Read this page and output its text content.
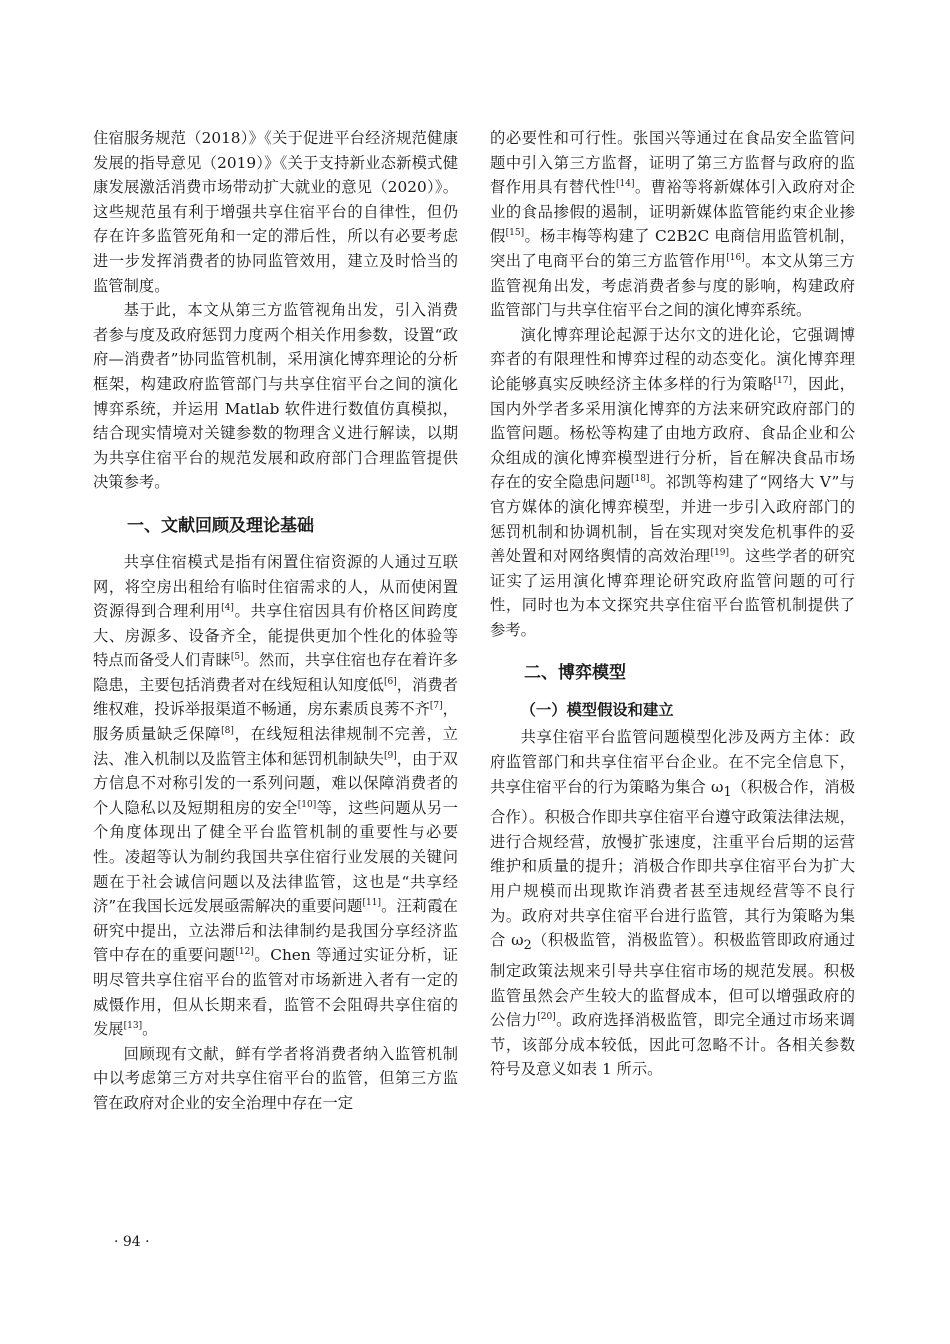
住宿服务规范（2018）》《关于促进平台经济规范健康发展的指导意见（2019）》《关于支持新业态新模式健康发展激活消费市场带动扩大就业的意见（2020）》。这些规范虽有利于增强共享住宿平台的自律性，但仍存在许多监管死角和一定的滞后性，所以有必要考虑进一步发挥消费者的协同监管效用，建立及时恰当的监管制度。

基于此，本文从第三方监管视角出发，引入消费者参与度及政府惩罚力度两个相关作用参数，设置“政府—消费者”协同监管机制，采用演化博弈理论的分析框架，构建政府监管部门与共享住宿平台之间的演化博弈系统，并运用 Matlab 软件进行数值仿真模拟，结合现实情境对关键参数的物理含义进行解读，以期为共享住宿平台的规范发展和政府部门合理监管提供决策参考。

一、文献回顾及理论基础

共享住宿模式是指有闲置住宿资源的人通过互联网，将空房出租给有临时住宿需求的人，从而使闲置资源得到合理利用[4]。共享住宿因具有价格区间跨度大、房源多、设备齐全，能提供更加个性化的体验等特点而备受人们青睐[5]。然而，共享住宿也存在着许多隐患，主要包括消费者对在线短租认知度低[6]，消费者维权难，投诉举报渠道不畅通，房东素质良莠不齐[7]，服务质量缺乏保障[8]，在线短租法律规制不完善，立法、准入机制以及监管主体和惩罚机制缺失[9]，由于双方信息不对称引发的一系列问题，难以保障消费者的个人隐私以及短期租房的安全[10]等，这些问题从另一个角度体现出了健全平台监管机制的重要性与必要性。凌超等认为制约我国共享住宿行业发展的关键问题在于社会诚信问题以及法律监管，这也是“共享经济”在我国长远发展亟需解决的重要问题[11]。汪莉霞在研究中提出，立法滞后和法律制约是我国分享经济监管中存在的重要问题[12]。Chen 等通过实证分析，证明尽管共享住宿平台的监管对市场新进入者有一定的威慑作用，但从长期来看，监管不会阻碍共享住宿的发展[13]。

回顾现有文献，鲜有学者将消费者纳入监管机制中以考虑第三方对共享住宿平台的监管，但第三方监管在政府对企业的安全治理中存在一定

的必要性和可行性。张国兴等通过在食品安全监管问题中引入第三方监督，证明了第三方监督与政府的监督作用具有替代性[14]。曹裕等将新媒体引入政府对企业的食品掺假的遏制，证明新媒体监管能约束企业掺假[15]。杨丰梅等构建了 C2B2C 电商信用监管机制，突出了电商平台的第三方监管作用[16]。本文从第三方监管视角出发，考虑消费者参与度的影响，构建政府监管部门与共享住宿平台之间的演化博弈系统。

演化博弈理论起源于达尔文的进化论，它强调博弈者的有限理性和博弈过程的动态变化。演化博弈理论能够真实反映经济主体多样的行为策略[17]，因此，国内外学者多采用演化博弈的方法来研究政府部门的监管问题。杨松等构建了由地方政府、食品企业和公众组成的演化博弈模型进行分析，旨在解决食品市场存在的安全隐患问题[18]。祁凯等构建了“网络大 V”与官方媒体的演化博弈模型，并进一步引入政府部门的惩罚机制和协调机制，旨在实现对突发危机事件的妥善处置和对网络舆情的高效治理[19]。这些学者的研究证实了运用演化博弈理论研究政府监管问题的可行性，同时也为本文探究共享住宿平台监管机制提供了参考。

二、博弈模型
（一）模型假设和建立

共享住宿平台监管问题模型化涉及两方主体：政府监管部门和共享住宿平台企业。在不完全信息下，共享住宿平台的行为策略为集合 $\omega_1$（积极合作，消极合作）。积极合作即共享住宿平台遵守政策法律法规，进行合规经营，放慢扩张速度，注重平台后期的运营维护和质量的提升；消极合作即共享住宿平台为扩大用户规模而出现欺诈消费者甚至违规经营等不良行为。政府对共享住宿平台进行监管，其行为策略为集合 $\omega_2$（积极监管，消极监管）。积极监管即政府通过制定政策法规来引导共享住宿市场的规范发展。积极监管虽然会产生较大的监督成本，但可以增强政府的公信力[20]。政府选择消极监管，即完全通过市场来调节，该部分成本较低，因此可忽略不计。各相关参数符号及意义如表 1 所示。

· 94 ·
